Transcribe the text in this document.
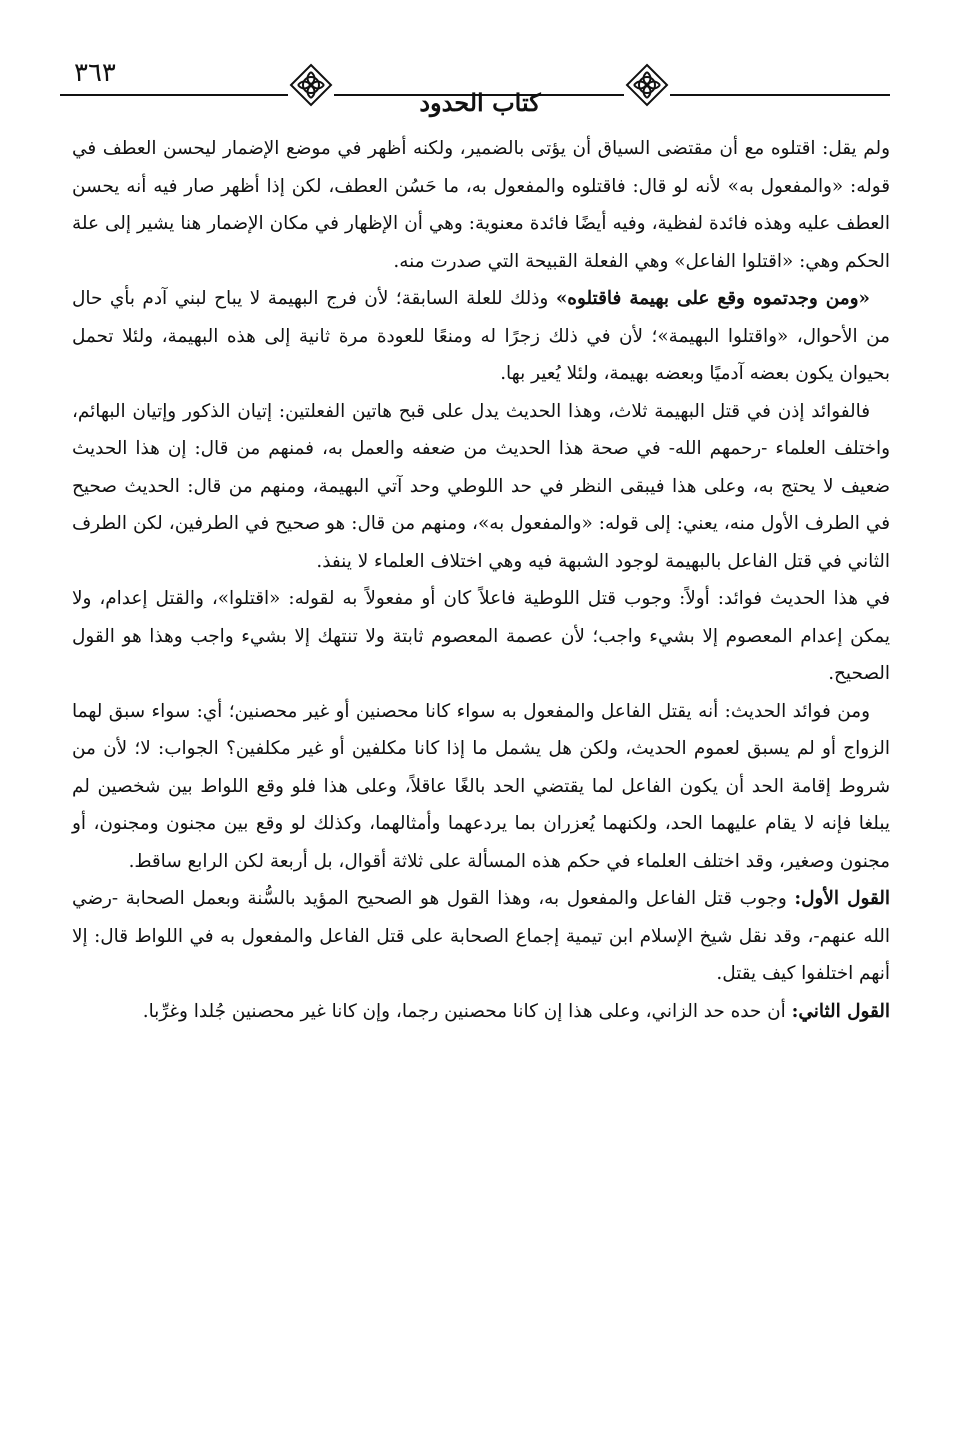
٣٦٣
كتاب الحدود

ولم يقل: اقتلوه مع أن مقتضى السياق أن يؤتى بالضمير، ولكنه أظهر في موضع الإضمار ليحسن العطف في قوله: «والمفعول به» لأنه لو قال: فاقتلوه والمفعول به، ما حَسُن العطف، لكن إذا أظهر صار فيه أنه يحسن العطف عليه وهذه فائدة لفظية، وفيه أيضًا فائدة معنوية: وهي أن الإظهار في مكان الإضمار هنا يشير إلى علة الحكم وهي: «اقتلوا الفاعل» وهي الفعلة القبيحة التي صدرت منه.

«ومن وجدتموه وقع على بهيمة فاقتلوه» وذلك للعلة السابقة؛ لأن فرج البهيمة لا يباح لبني آدم بأي حال من الأحوال، «واقتلوا البهيمة»؛ لأن في ذلك زجرًا له ومنعًا للعودة مرة ثانية إلى هذه البهيمة، ولئلا تحمل بحيوان يكون بعضه آدميًا وبعضه بهيمة، ولئلا يُعير بها.

فالفوائد إذن في قتل البهيمة ثلاث، وهذا الحديث يدل على قبح هاتين الفعلتين: إتيان الذكور وإتيان البهائم، واختلف العلماء -رحمهم الله- في صحة هذا الحديث من ضعفه والعمل به، فمنهم من قال: إن هذا الحديث ضعيف لا يحتج به، وعلى هذا فيبقى النظر في حد اللوطي وحد آتي البهيمة، ومنهم من قال: الحديث صحيح في الطرف الأول منه، يعني: إلى قوله: «والمفعول به»، ومنهم من قال: هو صحيح في الطرفين، لكن الطرف الثاني في قتل الفاعل بالبهيمة لوجود الشبهة فيه وهي اختلاف العلماء لا ينفذ.

في هذا الحديث فوائد: أولاً: وجوب قتل اللوطية فاعلاً كان أو مفعولاً به لقوله: «اقتلوا»، والقتل إعدام، ولا يمكن إعدام المعصوم إلا بشيء واجب؛ لأن عصمة المعصوم ثابتة ولا تنتهك إلا بشيء واجب وهذا هو القول الصحيح.

ومن فوائد الحديث: أنه يقتل الفاعل والمفعول به سواء كانا محصنين أو غير محصنين؛ أي: سواء سبق لهما الزواج أو لم يسبق لعموم الحديث، ولكن هل يشمل ما إذا كانا مكلفين أو غير مكلفين؟ الجواب: لا؛ لأن من شروط إقامة الحد أن يكون الفاعل لما يقتضي الحد بالغًا عاقلاً، وعلى هذا فلو وقع اللواط بين شخصين لم يبلغا فإنه لا يقام عليهما الحد، ولكنهما يُعزران بما يردعهما وأمثالهما، وكذلك لو وقع بين مجنون ومجنون، أو مجنون وصغير، وقد اختلف العلماء في حكم هذه المسألة على ثلاثة أقوال، بل أربعة لكن الرابع ساقط.

القول الأول: وجوب قتل الفاعل والمفعول به، وهذا القول هو الصحيح المؤيد بالسُّنة وبعمل الصحابة -رضي الله عنهم-، وقد نقل شيخ الإسلام ابن تيمية إجماع الصحابة على قتل الفاعل والمفعول به في اللواط قال: إلا أنهم اختلفوا كيف يقتل.

القول الثاني: أن حده حد الزاني، وعلى هذا إن كانا محصنين رجما، وإن كانا غير محصنين جُلدا وغرِّبا.
